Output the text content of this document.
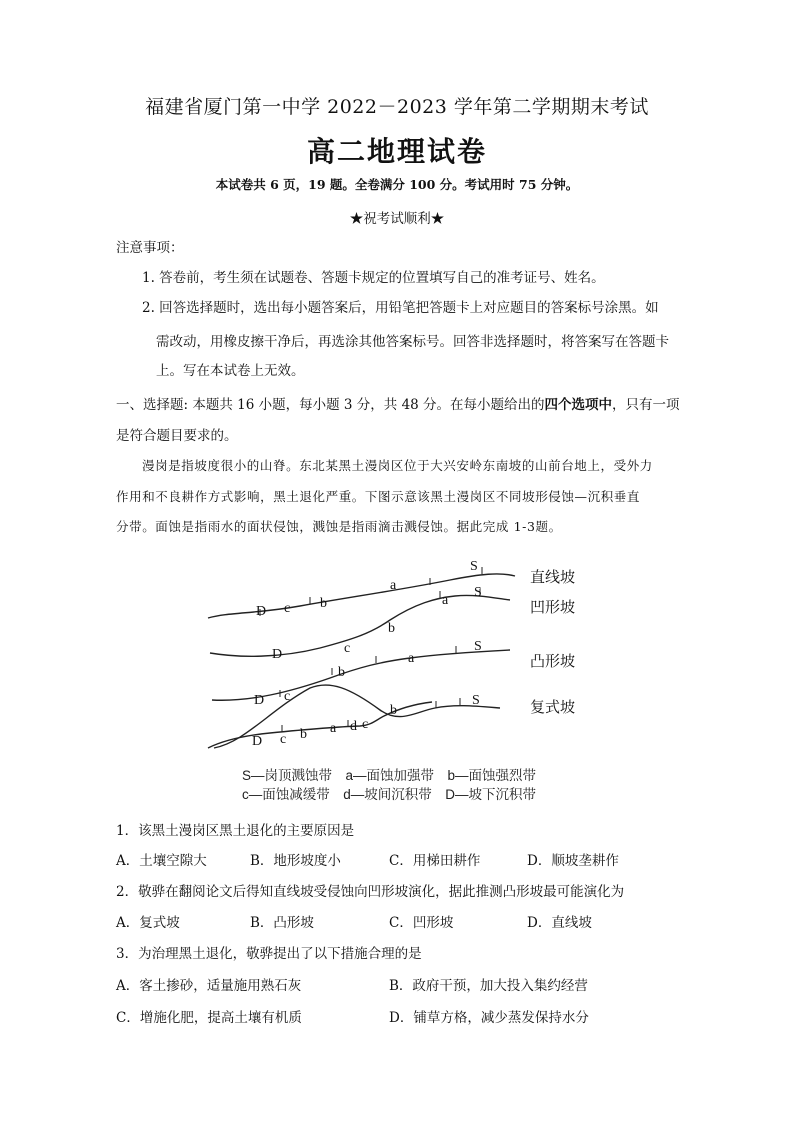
福建省厦门第一中学 2022－2023 学年第二学期期末考试
高二地理试卷
本试卷共 6 页，19 题。全卷满分 100 分。考试用时 75 分钟。
★祝考试顺利★
注意事项：
1. 答卷前，考生须在试题卷、答题卡规定的位置填写自己的准考证号、姓名。
2. 回答选择题时，选出每小题答案后，用铅笔把答题卡上对应题目的答案标号涂黑。如
需改动，用橡皮擦干净后，再选涂其他答案标号。回答非选择题时，将答案写在答题卡
上。写在本试卷上无效。
一、选择题: 本题共 16 小题，每小题 3 分，共 48 分。在每小题给出的四个选项中，只有一项
是符合题目要求的。
漫岗是指坡度很小的山脊。东北某黑土漫岗区位于大兴安岭东南坡的山前台地上，受外力
作用和不良耕作方式影响，黑土退化严重。下图示意该黑土漫岗区不同坡形侵蚀—沉积垂直
分带。面蚀是指雨水的面状侵蚀，溅蚀是指雨滴击溅侵蚀。据此完成 1-3题。
D c b
a
S
b
a
S
D	c
b
a
S
D c
b
S
D c b a d c
直线坡
凹形坡
凸形坡
复式坡
S—岗顶溅蚀带　a—面蚀加强带　b—面蚀强烈带
c—面蚀减缓带　d—坡间沉积带　D—坡下沉积带
1．该黑土漫岗区黑土退化的主要原因是
A．土壤空隙大	B．地形坡度小	C．用梯田耕作	D．顺坡垄耕作
2．敬骅在翻阅论文后得知直线坡受侵蚀向凹形坡演化，据此推测凸形坡最可能演化为
A．复式坡	B．凸形坡	C．凹形坡	D．直线坡
3．为治理黑土退化，敬骅提出了以下措施合理的是
A．客土掺砂，适量施用熟石灰	B．政府干预，加大投入集约经营
C．增施化肥，提高土壤有机质	D．铺草方格，减少蒸发保持水分
